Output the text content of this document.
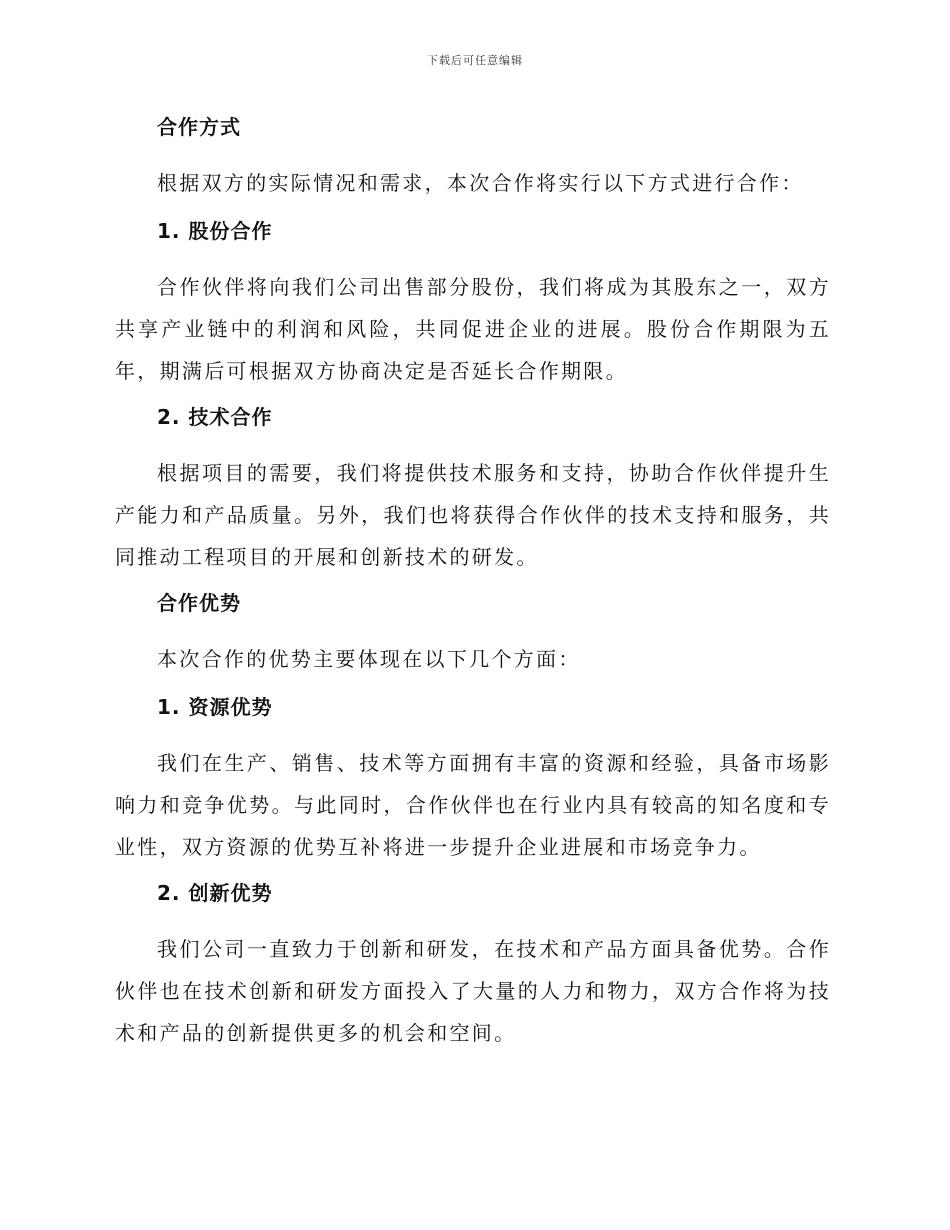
下载后可任意编辑
合作方式

根据双方的实际情况和需求，本次合作将实行以下方式进行合作：

1. 股份合作

合作伙伴将向我们公司出售部分股份，我们将成为其股东之一，双方共享产业链中的利润和风险，共同促进企业的进展。股份合作期限为五年，期满后可根据双方协商决定是否延长合作期限。

2. 技术合作

根据项目的需要，我们将提供技术服务和支持，协助合作伙伴提升生产能力和产品质量。另外，我们也将获得合作伙伴的技术支持和服务，共同推动工程项目的开展和创新技术的研发。

合作优势

本次合作的优势主要体现在以下几个方面：

1. 资源优势

我们在生产、销售、技术等方面拥有丰富的资源和经验，具备市场影响力和竞争优势。与此同时，合作伙伴也在行业内具有较高的知名度和专业性，双方资源的优势互补将进一步提升企业进展和市场竞争力。

2. 创新优势

我们公司一直致力于创新和研发，在技术和产品方面具备优势。合作伙伴也在技术创新和研发方面投入了大量的人力和物力，双方合作将为技术和产品的创新提供更多的机会和空间。
